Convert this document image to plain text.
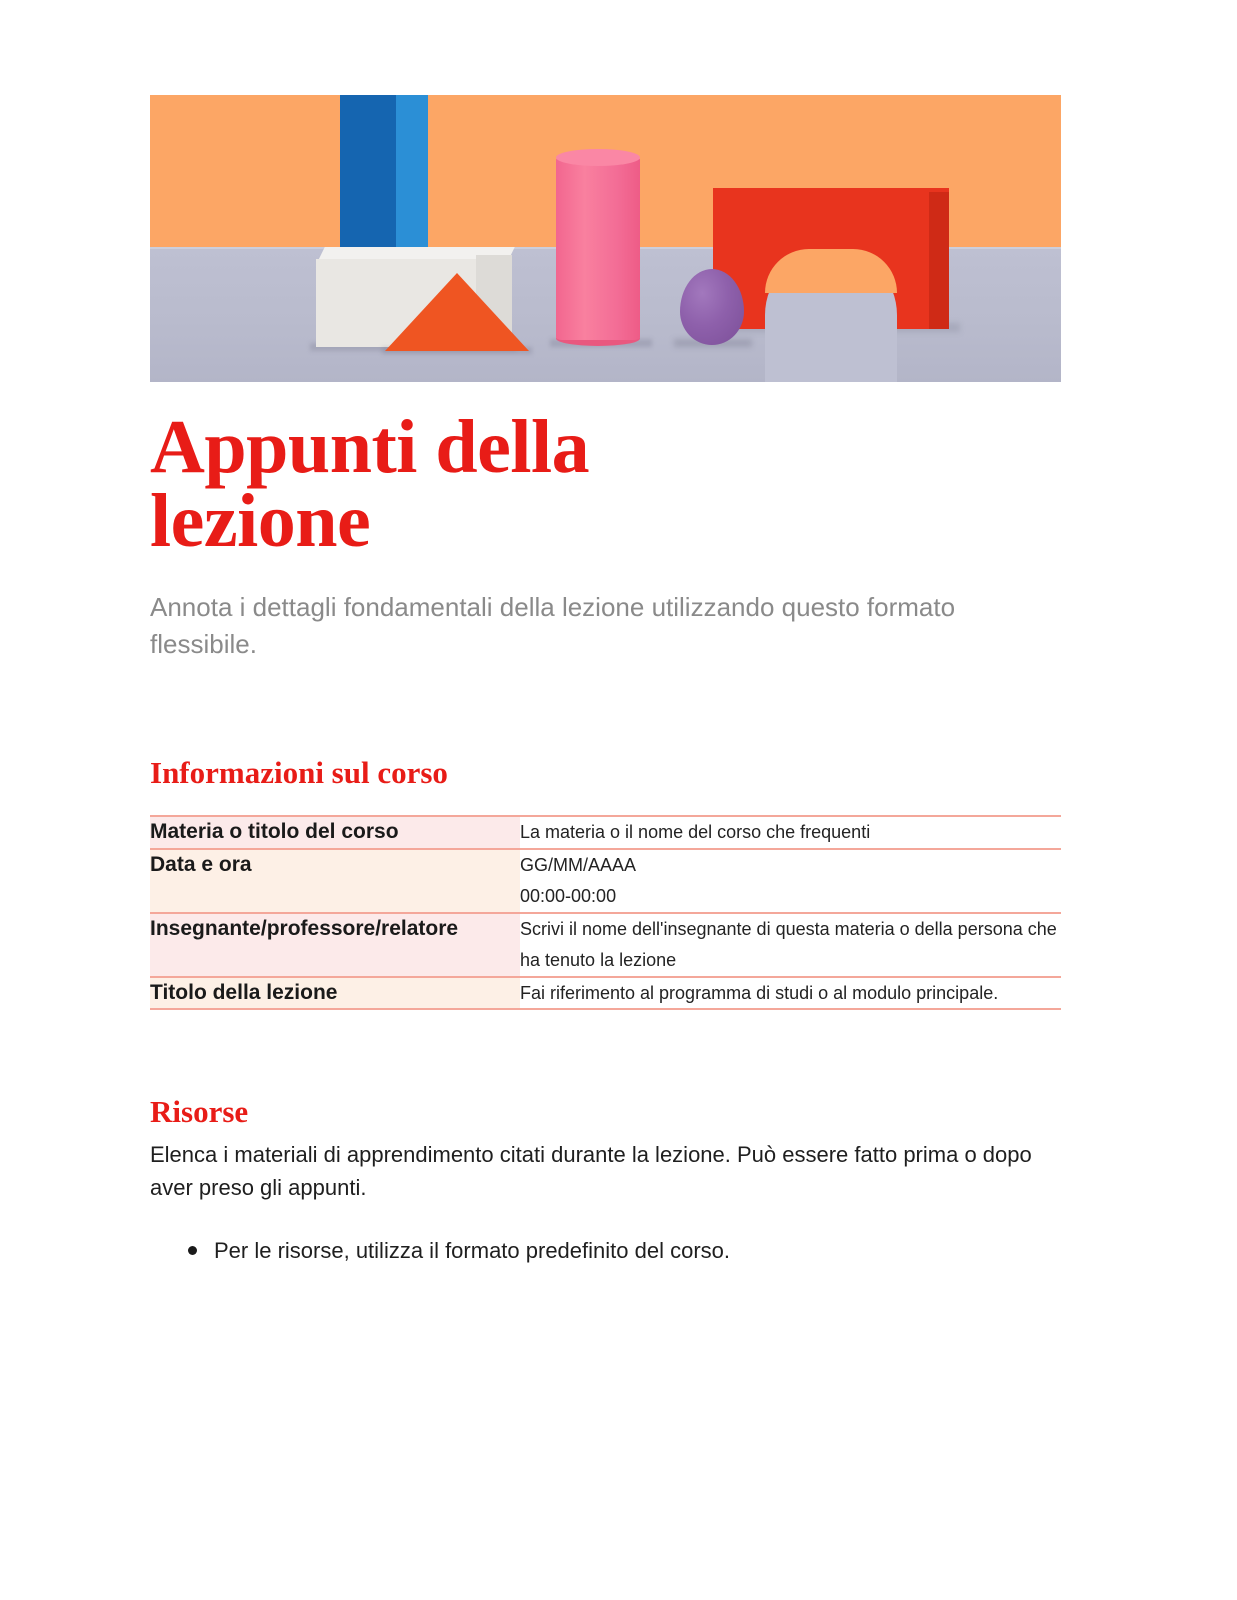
Appunti della lezione

Annota i dettagli fondamentali della lezione utilizzando questo formato flessibile.

Informazioni sul corso
Materia o titolo del corso	La materia o il nome del corso che frequenti

Data e ora	GG/MM/AAAA
00:00-00:00

Insegnante/professore/relatore	Scrivi il nome dell'insegnante di questa materia o della persona che ha tenuto la lezione

Titolo della lezione	Fai riferimento al programma di studi o al modulo principale.
Risorse

Elenca i materiali di apprendimento citati durante la lezione. Può essere fatto prima o dopo aver preso gli appunti.

Per le risorse, utilizza il formato predefinito del corso.
